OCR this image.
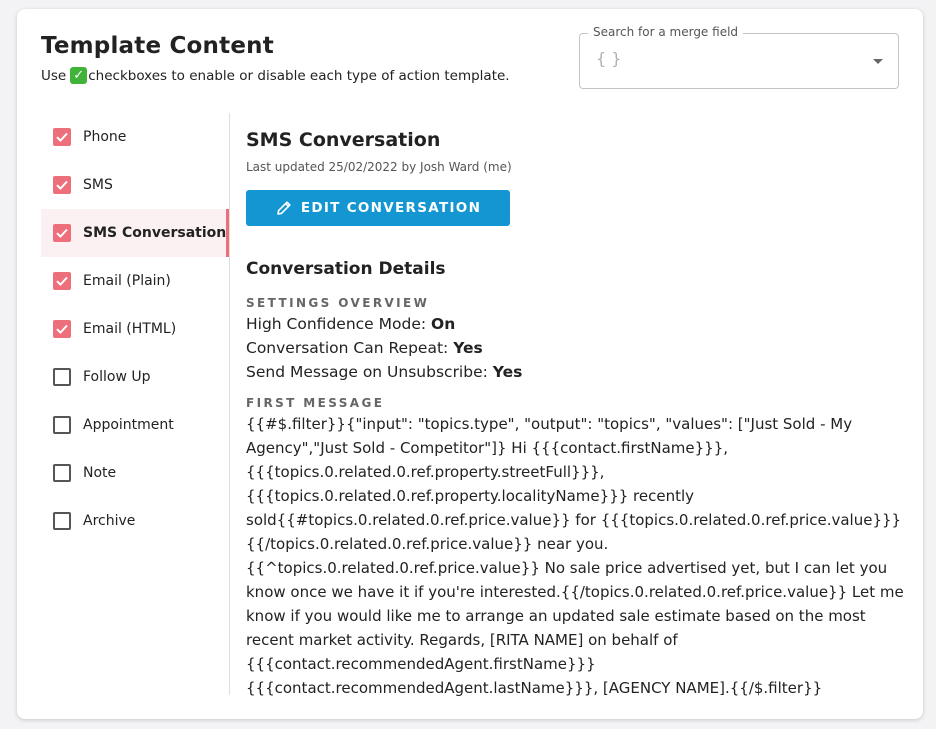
Template Content
Use ✓ checkboxes to enable or disable each type of action template.
Search for a merge field
{ }
Phone
SMS
SMS Conversation
Email (Plain)
Email (HTML)
Follow Up
Appointment
Note
Archive
SMS Conversation
Last updated 25/02/2022 by Josh Ward (me)
EDIT CONVERSATION
Conversation Details
SETTINGS OVERVIEW
High Confidence Mode: On
Conversation Can Repeat: Yes
Send Message on Unsubscribe: Yes
FIRST MESSAGE
{{#$.filter}}{"input": "topics.type", "output": "topics", "values": ["Just Sold - My Agency","Just Sold - Competitor"]} Hi {{{contact.firstName}}}, {{{topics.0.related.0.ref.property.streetFull}}}, {{{topics.0.related.0.ref.property.localityName}}} recently sold{{#topics.0.related.0.ref.price.value}} for {{{topics.0.related.0.ref.price.value}}}{{/topics.0.related.0.ref.price.value}} near you. {{^topics.0.related.0.ref.price.value}} No sale price advertised yet, but I can let you know once we have it if you're interested.{{/topics.0.related.0.ref.price.value}} Let me know if you would like me to arrange an updated sale estimate based on the most recent market activity. Regards, [RITA NAME] on behalf of {{{contact.recommendedAgent.firstName}}} {{{contact.recommendedAgent.lastName}}}, [AGENCY NAME].{{/$.filter}}
